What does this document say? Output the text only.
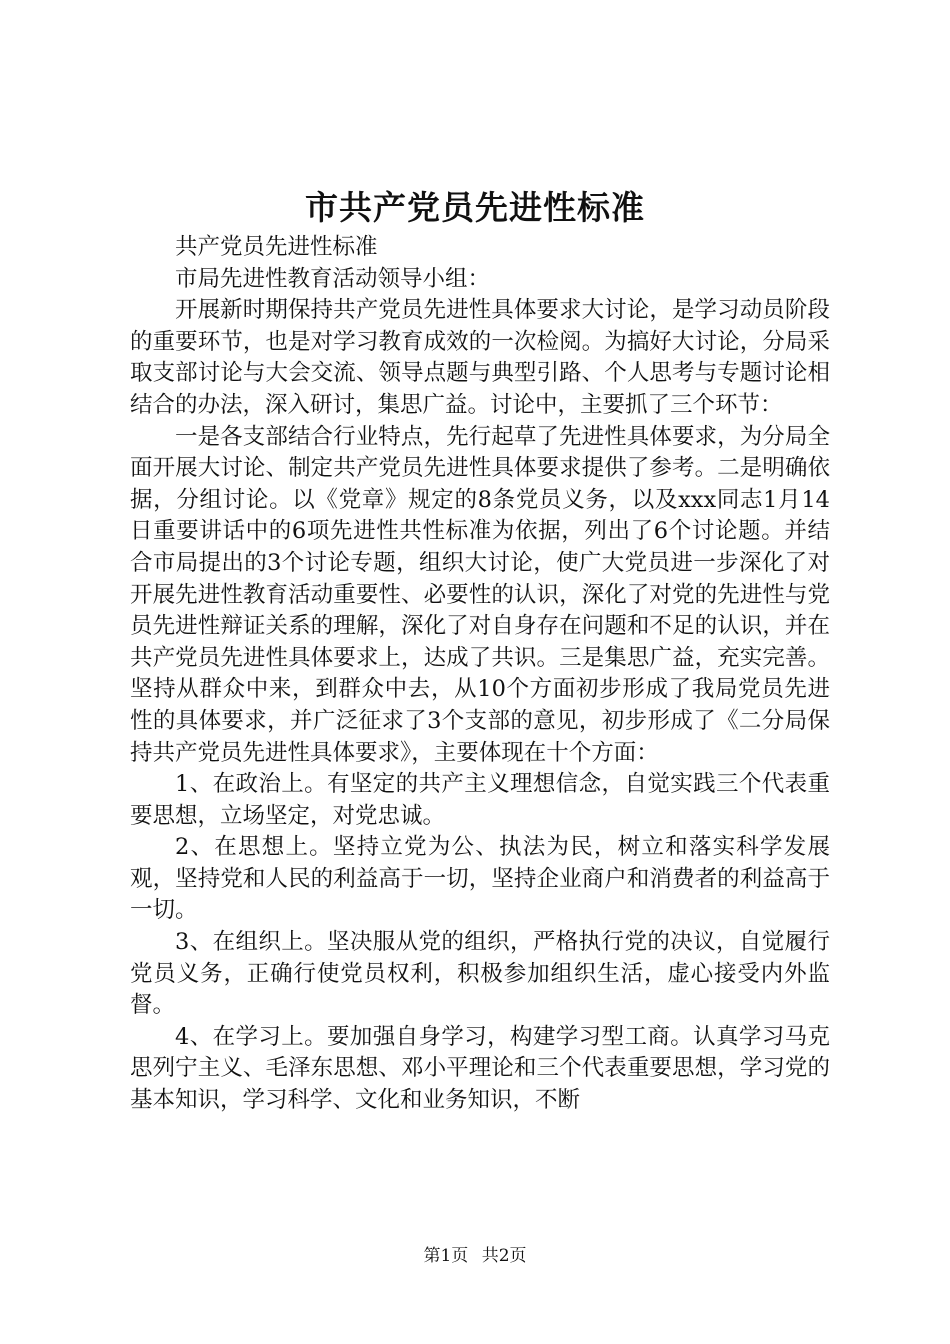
市共产党员先进性标准

共产党员先进性标准

市局先进性教育活动领导小组：

开展新时期保持共产党员先进性具体要求大讨论，是学习动员阶段的重要环节，也是对学习教育成效的一次检阅。为搞好大讨论，分局采取支部讨论与大会交流、领导点题与典型引路、个人思考与专题讨论相结合的办法，深入研讨，集思广益。讨论中，主要抓了三个环节：

一是各支部结合行业特点，先行起草了先进性具体要求，为分局全面开展大讨论、制定共产党员先进性具体要求提供了参考。二是明确依据，分组讨论。以《党章》规定的8条党员义务，以及xxx同志1月14日重要讲话中的6项先进性共性标准为依据，列出了6个讨论题。并结合市局提出的3个讨论专题，组织大讨论，使广大党员进一步深化了对开展先进性教育活动重要性、必要性的认识，深化了对党的先进性与党员先进性辩证关系的理解，深化了对自身存在问题和不足的认识，并在共产党员先进性具体要求上，达成了共识。三是集思广益，充实完善。坚持从群众中来，到群众中去，从10个方面初步形成了我局党员先进性的具体要求，并广泛征求了3个支部的意见，初步形成了《二分局保持共产党员先进性具体要求》，主要体现在十个方面：

1、在政治上。有坚定的共产主义理想信念，自觉实践三个代表重要思想，立场坚定，对党忠诚。

2、在思想上。坚持立党为公、执法为民，树立和落实科学发展观，坚持党和人民的利益高于一切，坚持企业商户和消费者的利益高于一切。

3、在组织上。坚决服从党的组织，严格执行党的决议，自觉履行党员义务，正确行使党员权利，积极参加组织生活，虚心接受内外监督。

4、在学习上。要加强自身学习，构建学习型工商。认真学习马克思列宁主义、毛泽东思想、邓小平理论和三个代表重要思想，学习党的基本知识，学习科学、文化和业务知识，不断

第1页 共2页
